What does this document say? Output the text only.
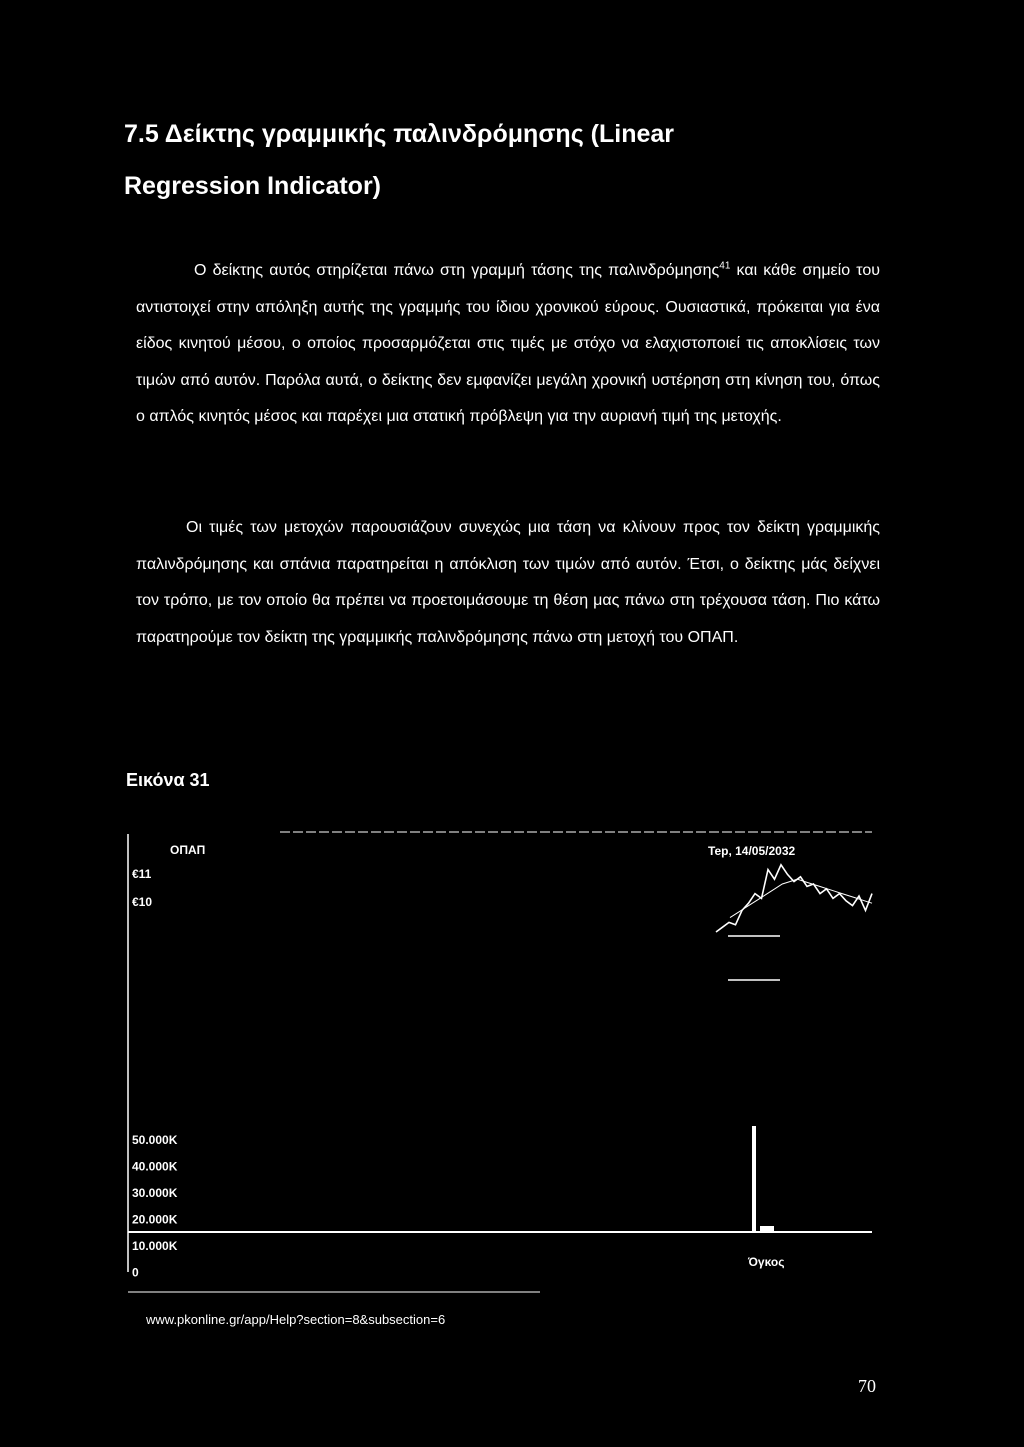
7.5 Δείκτης γραμμικής παλινδρόμησης (Linear
Regression Indicator)

Ο δείκτης αυτός στηρίζεται πάνω στη γραμμή τάσης της παλινδρόμησης$^{41}$ και κάθε σημείο του αντιστοιχεί στην απόληξη αυτής της γραμμής του ίδιου χρονικού εύρους. Ουσιαστικά, πρόκειται για ένα είδος κινητού μέσου, ο οποίος προσαρμόζεται στις τιμές με στόχο να ελαχιστοποιεί τις αποκλίσεις των τιμών από αυτόν. Παρόλα αυτά, ο δείκτης δεν εμφανίζει μεγάλη χρονική υστέρηση στη κίνηση του, όπως ο απλός κινητός μέσος και παρέχει μια στατική πρόβλεψη για την αυριανή τιμή της μετοχής.

Οι τιμές των μετοχών παρουσιάζουν συνεχώς μια τάση να κλίνουν προς τον δείκτη γραμμικής παλινδρόμησης και σπάνια παρατηρείται η απόκλιση των τιμών από αυτόν. Έτσι, ο δείκτης μάς δείχνει τον τρόπο, με τον οποίο θα πρέπει να προετοιμάσουμε τη θέση μας πάνω στη τρέχουσα τάση. Πιο κάτω παρατηρούμε τον δείκτη της γραμμικής παλινδρόμησης πάνω στη μετοχή του ΟΠΑΠ.

Εικόνα 31
ΟΠΑΠ	Tep, 14/05/2032
€11
€10
50.000K
40.000K
30.000K
20.000K
10.000K
0
Όγκος
www.pkonline.gr/app/Help?section=8&subsection=6
70
